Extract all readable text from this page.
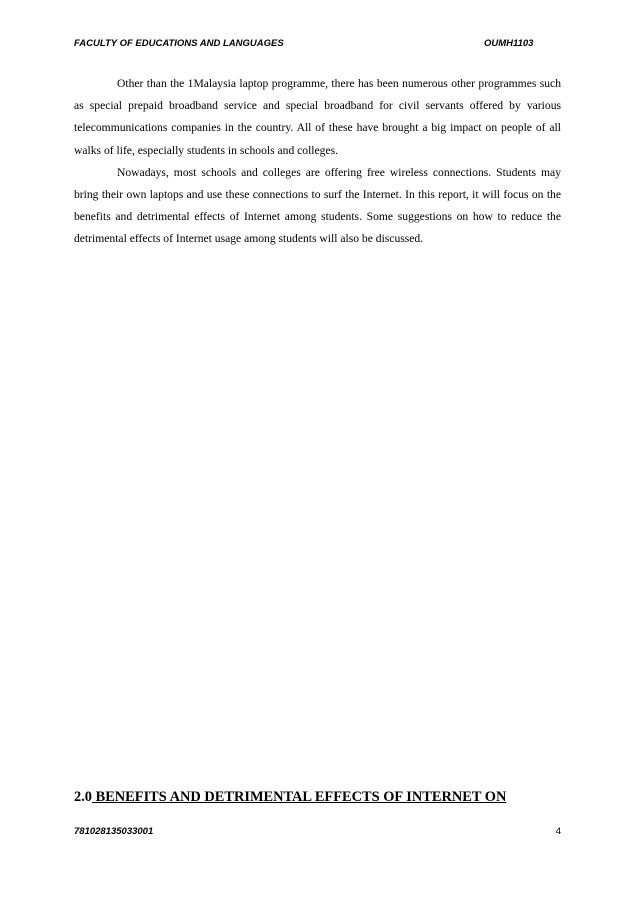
FACULTY OF EDUCATIONS AND LANGUAGES	OUMH1103

Other than the 1Malaysia laptop programme, there has been numerous other programmes such as special prepaid broadband service and special broadband for civil servants offered by various telecommunications companies in the country. All of these have brought a big impact on people of all walks of life, especially students in schools and colleges.

Nowadays, most schools and colleges are offering free wireless connections. Students may bring their own laptops and use these connections to surf the Internet. In this report, it will focus on the benefits and detrimental effects of Internet among students. Some suggestions on how to reduce the detrimental effects of Internet usage among students will also be discussed.

2.0 BENEFITS AND DETRIMENTAL EFFECTS OF INTERNET ON
781028135033001	4
